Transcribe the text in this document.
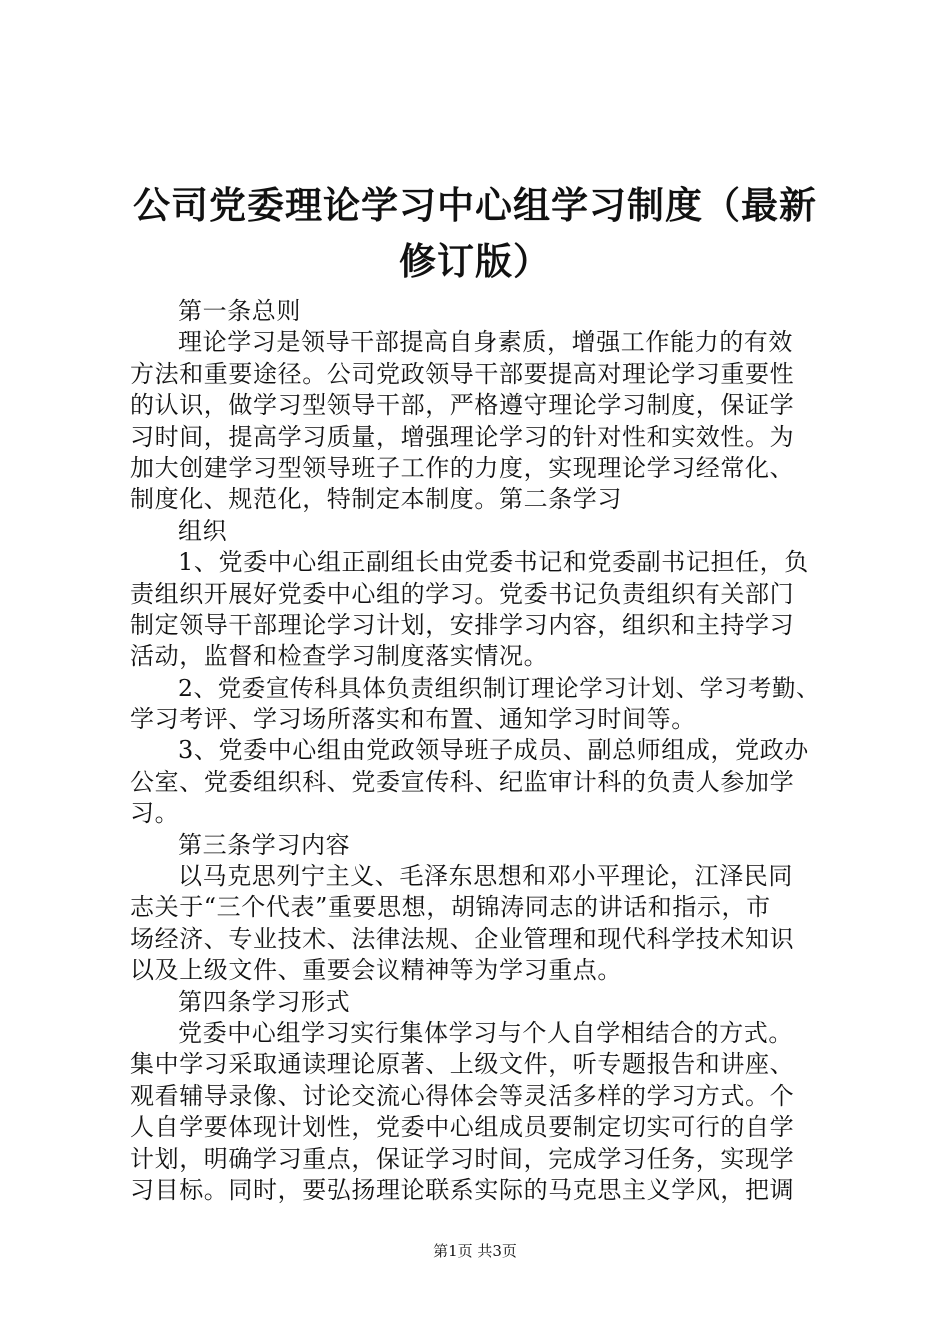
公司党委理论学习中心组学习制度（最新修订版）
第一条总则
理论学习是领导干部提高自身素质，增强工作能力的有效
方法和重要途径。公司党政领导干部要提高对理论学习重要性
的认识，做学习型领导干部，严格遵守理论学习制度，保证学
习时间，提高学习质量，增强理论学习的针对性和实效性。为
加大创建学习型领导班子工作的力度，实现理论学习经常化、
制度化、规范化，特制定本制度。第二条学习
组织
1、党委中心组正副组长由党委书记和党委副书记担任，负
责组织开展好党委中心组的学习。党委书记负责组织有关部门
制定领导干部理论学习计划，安排学习内容，组织和主持学习
活动，监督和检查学习制度落实情况。
2、党委宣传科具体负责组织制订理论学习计划、学习考勤、
学习考评、学习场所落实和布置、通知学习时间等。
3、党委中心组由党政领导班子成员、副总师组成，党政办
公室、党委组织科、党委宣传科、纪监审计科的负责人参加学
习。
第三条学习内容
以马克思列宁主义、毛泽东思想和邓小平理论，江泽民同
志关于“三个代表”重要思想，胡锦涛同志的讲话和指示，市
场经济、专业技术、法律法规、企业管理和现代科学技术知识
以及上级文件、重要会议精神等为学习重点。
第四条学习形式
党委中心组学习实行集体学习与个人自学相结合的方式。
集中学习采取通读理论原著、上级文件，听专题报告和讲座、
观看辅导录像、讨论交流心得体会等灵活多样的学习方式。个
人自学要体现计划性，党委中心组成员要制定切实可行的自学
计划，明确学习重点，保证学习时间，完成学习任务，实现学
习目标。同时，要弘扬理论联系实际的马克思主义学风，把调
第1页 共3页
